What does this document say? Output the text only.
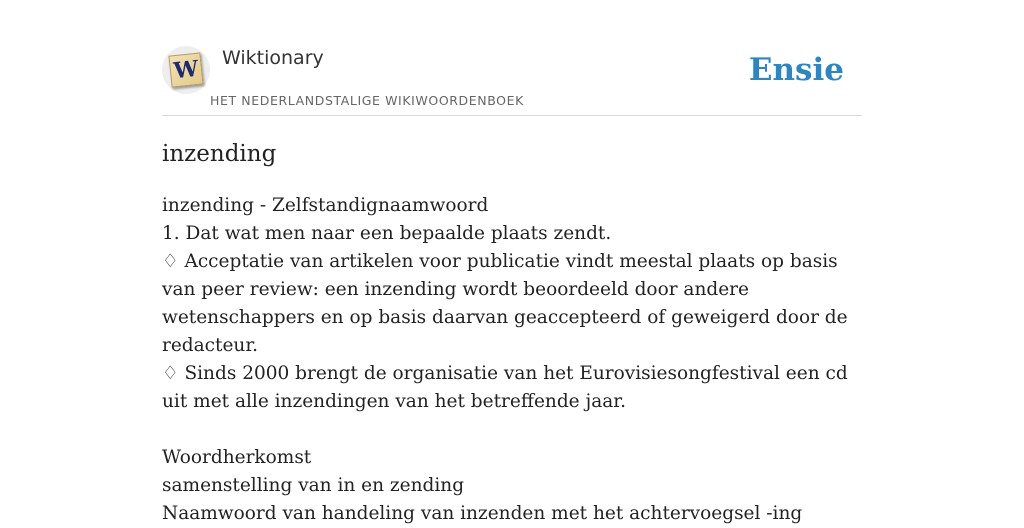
W Wiktionary
HET NEDERLANDSTALIGE WIKIWOORDENBOEK
Ensie
inzending
inzending - Zelfstandignaamwoord
1. Dat wat men naar een bepaalde plaats zendt.
♢ Acceptatie van artikelen voor publicatie vindt meestal plaats op basis van peer review: een inzending wordt beoordeeld door andere wetenschappers en op basis daarvan geaccepteerd of geweigerd door de redacteur.
♢ Sinds 2000 brengt de organisatie van het Eurovisiesongfestival een cd uit met alle inzendingen van het betreffende jaar.
Woordherkomst
samenstelling van in en zending
Naamwoord van handeling van inzenden met het achtervoegsel -ing
